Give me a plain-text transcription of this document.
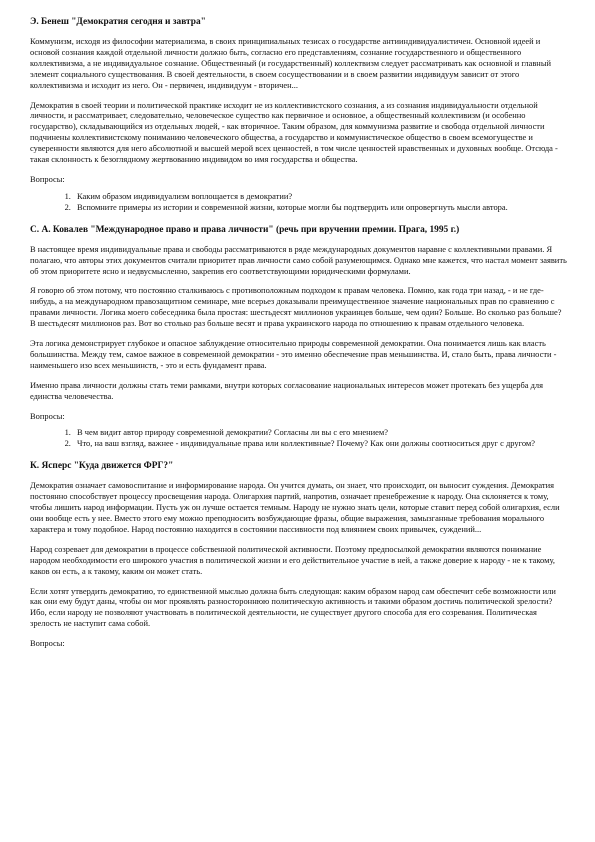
Э. Бенеш "Демократия сегодня и завтра"

Коммунизм, исходя из философии материализма, в своих принципиальных тезисах о государстве антииндивидуалистичен. Основной идеей и основой сознания каждой отдельной личности должно быть, согласно его представлениям, сознание государственного и общественного коллективизма, а не индивидуальное сознание. Общественный (и государственный) коллектвизм следует рассматривать как основной и главный элемент социального существования. В своей деятельности, в своем сосуществовании и в своем развитии индивидуум зависит от этого коллективизма и исходит из него. Он - первичен, индивидуум - вторичен...

Демократия в своей теории и политической практике исходит не из коллективистского сознания, а из сознания индивидуальности отдельной личности, и рассматривает, следовательно, человеческое существо как первичное и основное, а общественный коллективизм (и особенно государство), складывающийся из отдельных людей, - как вторичное. Таким образом, для коммунизма развитие и свобода отдельной личности подчинены коллективистскому пониманию человеческого общества, а государство и коммунистическое общество в своем всемогуществе и суверенности являются для него абсолютной и высшей мерой всех ценностей, в том числе ценностей нравственных и духовных вообще. Отсюда - такая склонность к безоглядному жертвованию индивидом во имя государства и общества.

Вопросы:

1. Каким образом индивидуализм воплощается в демократии?
2. Вспомните примеры из истории и современной жизни, которые могли бы подтвердить или опровергнуть мысли автора.
С. А. Ковалев "Международное право и права личности" (речь при вручении премии. Прага, 1995 г.)

В настоящее время индивидуальные права и свободы рассматриваются в ряде международных документов наравне с коллективными правами. Я полагаю, что авторы этих документов считали приоритет прав личности само собой разумеющимся. Однако мне кажется, что настал момент заявить об этом приоритете ясно и недвусмысленно, закрепив его соответствующими юридическими формулами.

Я говорю об этом потому, что постоянно сталкиваюсь с противоположным подходом к правам человека. Помню, как года три назад, - и не где-нибудь, а на международном правозащитном семинаре, мне всерьез доказывали преимущественное значение национальных прав по сравнению с правами личности. Логика моего собеседника была простая: шестьдесят миллионов украинцев больше, чем один? Больше. Во сколько раз больше? В шестьдесят миллионов раз. Вот во столько раз больше весят и права украинского народа по отношению к правам отдельного человека.

Эта логика демонстрирует глубокое и опасное заблуждение относительно природы современной демократии. Она понимается лишь как власть большинства. Между тем, самое важное в современной демократии - это именно обеспечение прав меньшинства. И, стало быть, права личности - наименьшего изо всех меньшинств, - это и есть фундамент права.

Именно права личности должны стать теми рамками, внутри которых согласование национальных интересов может протекать без ущерба для единства человечества.

Вопросы:

1. В чем видит автор природу современной демократии? Согласны ли вы с его мнением?
2. Что, на ваш взгляд, важнее - индивидуальные права или коллективные? Почему? Как они должны соотноситься друг с другом?
К. Ясперс "Куда движется ФРГ?"

Демократия означает самовоспитание и информирование народа. Он учится думать, он знает, что происходит, он выносит суждения. Демократия постоянно способствует процессу просвещения народа. Олигархия партий, напротив, означает пренебрежение к народу. Она склоняется к тому, чтобы лишить народ информации. Пусть уж он лучше остается темным. Народу не нужно знать цели, которые ставит перед собой олигархия, если они вообще есть у нее. Вместо этого ему можно преподносить возбуждающие фразы, общие выражения, замызганные требования морального характера и тому подобное. Народ постоянно находится в состоянии пассивности под влиянием своих привычек, суждений...

Народ созревает для демократии в процессе собственной политической активности. Поэтому предпосылкой демократии являются понимание народом необходимости его широкого участия в политической жизни и его действительное участие в ней, а также доверие к народу - не к такому, каков он есть, а к такому, каким он может стать.

Если хотят утвердить демократию, то единственной мыслью должна быть следующая: каким образом народ сам обеспечит себе возможности или как они ему будут даны, чтобы он мог проявлять разностороннюю политическую активность и такими образом достичь политической зрелости? Ибо, если народу не позволяют участвовать в политической деятельности, не существует другого способа для его созревания. Политическая зрелость не наступит сама собой.

Вопросы:
